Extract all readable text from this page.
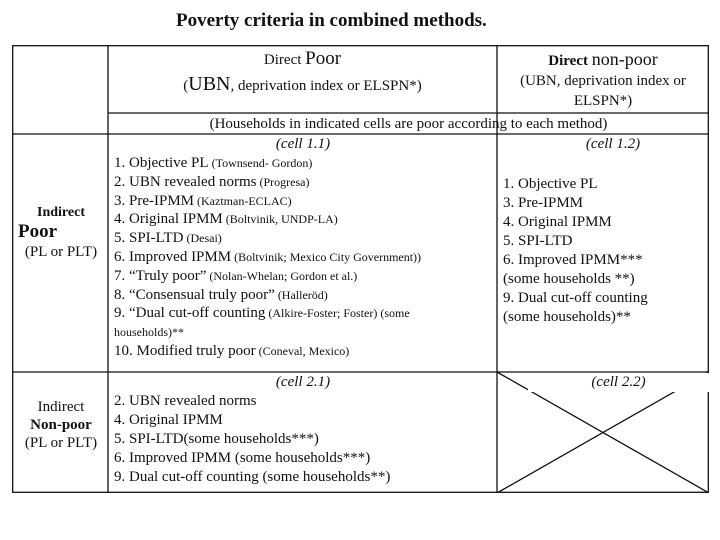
Poverty criteria in combined methods.
Direct Poor
(UBN, deprivation index or ELSPN*)
Direct non-poor
(UBN, deprivation index or
ELSPN*)
(Households in indicated cells are poor according to each method)
Indirect
Poor
(PL or PLT)
Indirect
Non-poor
(PL or PLT)
(cell 1.1)
1. Objective PL (Townsend- Gordon)
2. UBN revealed norms (Progresa)
3. Pre-IPMM (Kaztman-ECLAC)
4. Original IPMM (Boltvinik, UNDP-LA)
5. SPI-LTD (Desai)
6. Improved IPMM (Boltvinik; Mexico City Government))
7. “Truly poor” (Nolan-Whelan; Gordon et al.)
8. “Consensual truly poor” (Halleröd)
9. “Dual cut-off counting (Alkire-Foster; Foster) (some
households)**
10. Modified truly poor (Coneval, Mexico)
(cell 1.2)
1. Objective PL
3. Pre-IPMM
4. Original IPMM
5. SPI-LTD
6. Improved IPMM***
(some households **)
9. Dual cut-off counting
(some households)**
(cell 2.1)
2. UBN revealed norms
4. Original IPMM
5. SPI-LTD(some households***)
6. Improved IPMM (some households***)
9. Dual cut-off counting (some households**)
(cell 2.2)
